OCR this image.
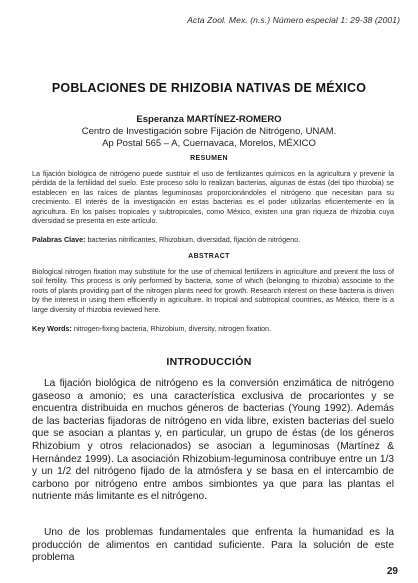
Acta Zool. Mex. (n.s.) Número especial 1: 29-38 (2001)
POBLACIONES DE RHIZOBIA NATIVAS DE MÉXICO
Esperanza MARTÍNEZ-ROMERO
Centro de Investigación sobre Fijación de Nitrógeno, UNAM.
Ap Postal 565 – A, Cuernavaca, Morelos, MÉXICO
RESUMEN
La fijación biológica de nitrógeno puede sustituir el uso de fertilizantes químicos en la agricultura y prevenir la pérdida de la fertilidad del suelo. Este proceso sólo lo realizan bacterias, algunas de éstas (del tipo rhizobia) se establecen en las raíces de plantas leguminosas proporcionándoles el nitrógeno que necesitan para su crecimiento. El interés de la investigación en estas bacterias es el poder utilizarlas eficientemente en la agricultura. En los países tropicales y subtropicales, como México, existen una gran riqueza de rhizobia cuya diversidad se presenta en este artículo.
Palabras Clave: bacterias nitrificantes, Rhizobium, diversidad, fijación de nitrógeno.
ABSTRACT
Biological nitrogen fixation may substitute for the use of chemical fertilizers in agriculture and prevent the loss of soil fertility. This process is only performed by bacteria, some of which (belonging to rhizobia) associate to the roots of plants providing part of the nitrogen plants need for growth. Research interest on these bacteria is driven by the interest in using them efficiently in agriculture. In tropical and subtropical countries, as México, there is a large diversity of rhizobia reviewed here.
Key Words: nitrogen-fixing bacteria, Rhizobium, diversity, nitrogen fixation.
INTRODUCCIÓN
La fijación biológica de nitrógeno es la conversión enzimática de nitrógeno gaseoso a amonio; es una característica exclusiva de procariontes y se encuentra distribuida en muchos géneros de bacterias (Young 1992). Además de las bacterias fijadoras de nitrógeno en vida libre, existen bacterias del suelo que se asocian a plantas y, en particular, un grupo de éstas (de los géneros Rhizobium y otros relacionados) se asocian a leguminosas (Martínez & Hernández 1999). La asociación Rhizobium-leguminosa contribuye entre un 1/3 y un 1/2 del nitrógeno fijado de la atmósfera y se basa en el intercambio de carbono por nitrógeno entre ambos simbiontes ya que para las plantas el nutriente más limitante es el nitrógeno.
Uno de los problemas fundamentales que enfrenta la humanidad es la producción de alimentos en cantidad suficiente. Para la solución de este problema
29
